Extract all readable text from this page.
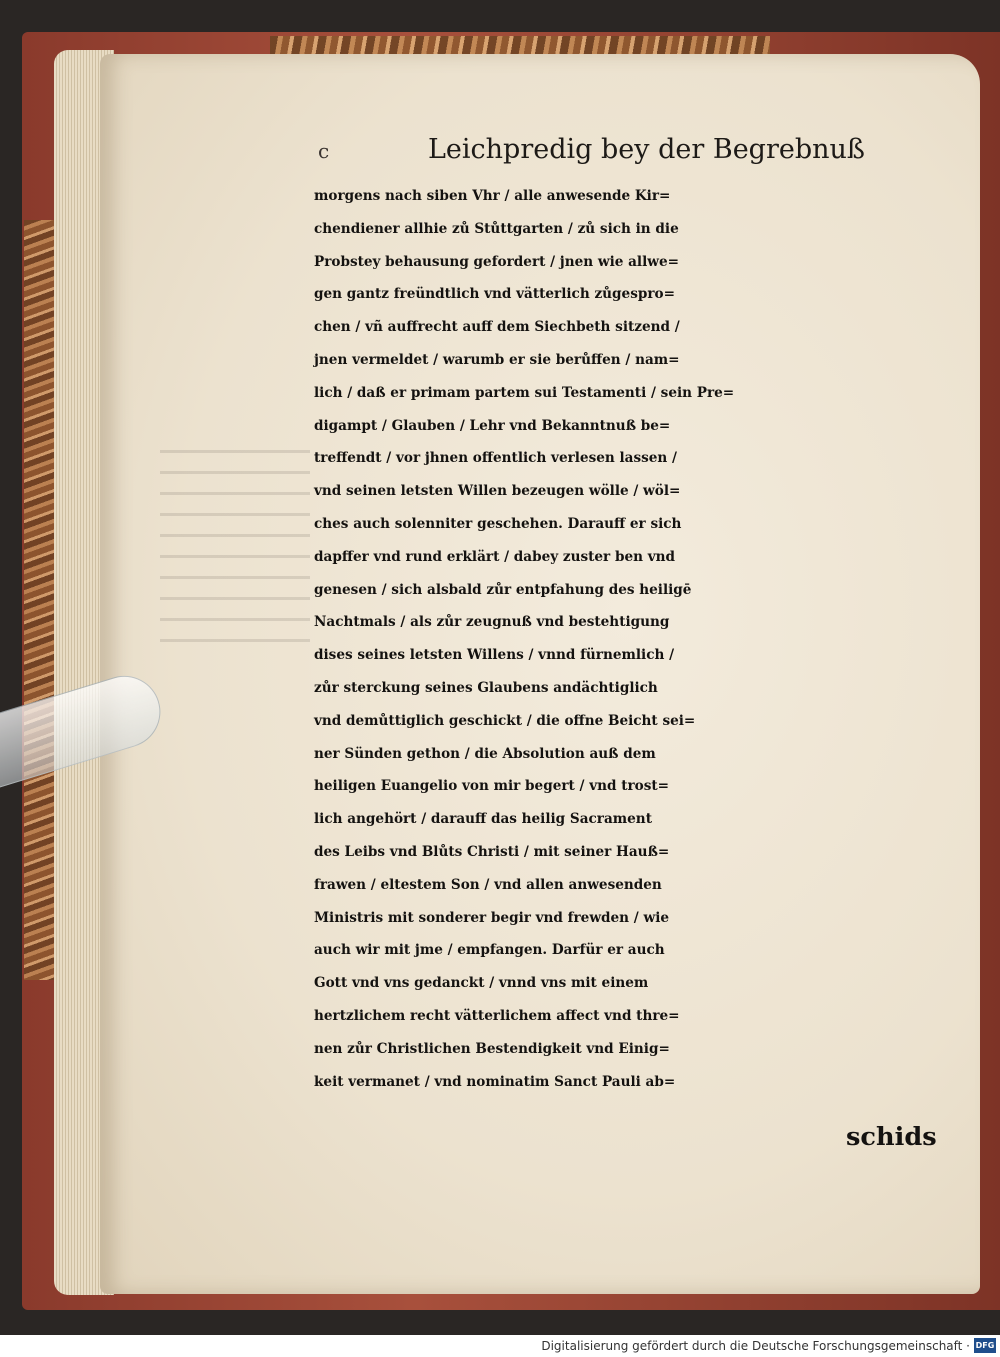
c	Leichpredig bey der Begrebnuß
morgens nach siben Vhr / alle anwesende Kir=
chendiener allhie zů Stůttgarten / zů sich in die
Probstey behausung gefordert / jnen wie allwe=
gen gantz freündtlich vnd vätterlich zůgespro=
chen / vñ auffrecht auff dem Siechbeth sitzend /
jnen vermeldet / warumb er sie berůffen / nam=
lich / daß er primam partem sui Testamenti / sein Pre=
digampt / Glauben / Lehr vnd Bekanntnuß be=
treffendt / vor jhnen offentlich verlesen lassen /
vnd seinen letsten Willen bezeugen wölle / wöl=
ches auch solenniter geschehen. Darauff er sich
dapffer vnd rund erklärt / dabey zuster ben vnd
genesen / sich alsbald zůr entpfahung des heiligē
Nachtmals / als zůr zeugnuß vnd bestehtigung
dises seines letsten Willens / vnnd fürnemlich /
zůr sterckung seines Glaubens andächtiglich
vnd demůttiglich geschickt / die offne Beicht sei=
ner Sünden gethon / die Absolution auß dem
heiligen Euangelio von mir begert / vnd trost=
lich angehört / darauff das heilig Sacrament
des Leibs vnd Blůts Christi / mit seiner Hauß=
frawen / eltestem Son / vnd allen anwesenden
Ministris mit sonderer begir vnd frewden / wie
auch wir mit jme / empfangen. Darfür er auch
Gott vnd vns gedanckt / vnnd vns mit einem
hertzlichem recht vätterlichem affect vnd thre=
nen zůr Christlichen Bestendigkeit vnd Einig=
keit vermanet / vnd nominatim Sanct Pauli ab=
schids
Digitalisierung gefördert durch die Deutsche Forschungsgemeinschaft · DFG
